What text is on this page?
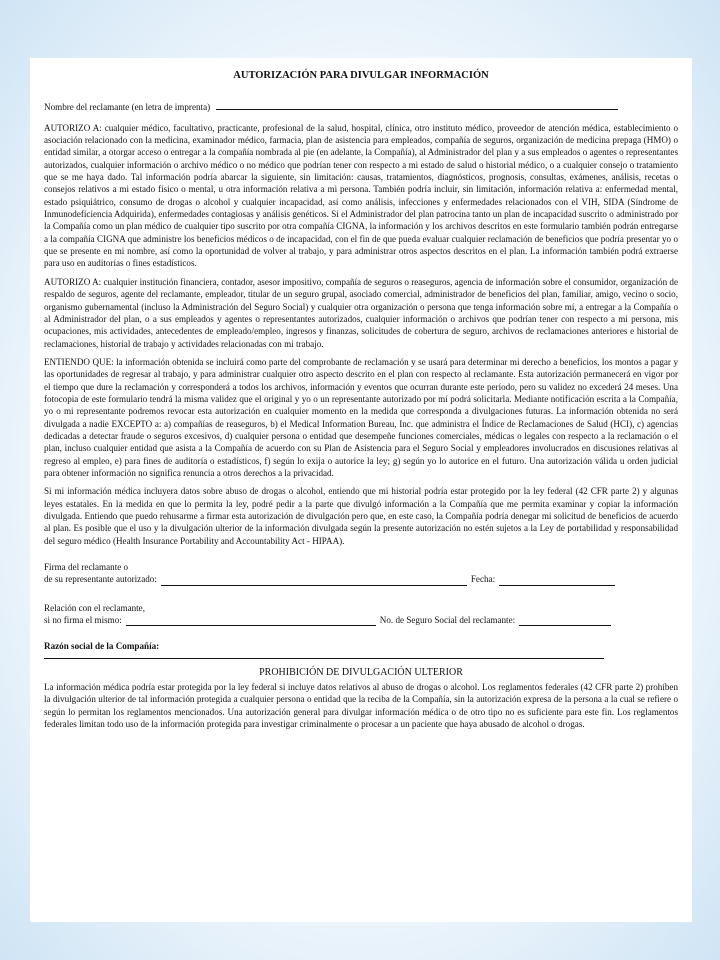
AUTORIZACIÓN PARA DIVULGAR INFORMACIÓN
Nombre del reclamante (en letra de imprenta)

AUTORIZO A: cualquier médico, facultativo, practicante, profesional de la salud, hospital, clínica, otro instituto médico, proveedor de atención médica, establecimiento o asociación relacionado con la medicina, examinador médico, farmacia, plan de asistencia para empleados, compañía de seguros, organización de medicina prepaga (HMO) o entidad similar, a otorgar acceso o entregar a la compañía nombrada al pie (en adelante, la Compañía), al Administrador del plan y a sus empleados o agentes o representantes autorizados, cualquier información o archivo médico o no médico que podrían tener con respecto a mi estado de salud o historial médico, o a cualquier consejo o tratamiento que se me haya dado. Tal información podría abarcar la siguiente, sin limitación: causas, tratamientos, diagnósticos, prognosis, consultas, exámenes, análisis, recetas o consejos relativos a mi estado físico o mental, u otra información relativa a mi persona. También podría incluir, sin limitación, información relativa a: enfermedad mental, estado psiquiátrico, consumo de drogas o alcohol y cualquier incapacidad, así como análisis, infecciones y enfermedades relacionados con el VIH, SIDA (Síndrome de Inmunodeficiencia Adquirida), enfermedades contagiosas y análisis genéticos. Si el Administrador del plan patrocina tanto un plan de incapacidad suscrito o administrado por la Compañía como un plan médico de cualquier tipo suscrito por otra compañía CIGNA, la información y los archivos descritos en este formulario también podrán entregarse a la compañía CIGNA que administre los beneficios médicos o de incapacidad, con el fin de que pueda evaluar cualquier reclamación de beneficios que podría presentar yo o que se presente en mi nombre, así como la oportunidad de volver al trabajo, y para administrar otros aspectos descritos en el plan. La información también podrá extraerse para uso en auditorías o fines estadísticos.

AUTORIZO A: cualquier institución financiera, contador, asesor impositivo, compañía de seguros o reaseguros, agencia de información sobre el consumidor, organización de respaldo de seguros, agente del reclamante, empleador, titular de un seguro grupal, asociado comercial, administrador de beneficios del plan, familiar, amigo, vecino o socio, organismo gubernamental (incluso la Administración del Seguro Social) y cualquier otra organización o persona que tenga información sobre mí, a entregar a la Compañía o al Administrador del plan, o a sus empleados y agentes o representantes autorizados, cualquier información o archivos que podrían tener con respecto a mi persona, mis ocupaciones, mis actividades, antecedentes de empleado/empleo, ingresos y finanzas, solicitudes de cobertura de seguro, archivos de reclamaciones anteriores e historial de reclamaciones, historial de trabajo y actividades relacionadas con mi trabajo.

ENTIENDO QUE: la información obtenida se incluirá como parte del comprobante de reclamación y se usará para determinar mi derecho a beneficios, los montos a pagar y las oportunidades de regresar al trabajo, y para administrar cualquier otro aspecto descrito en el plan con respecto al reclamante. Esta autorización permanecerá en vigor por el tiempo que dure la reclamación y corresponderá a todos los archivos, información y eventos que ocurran durante este período, pero su validez no excederá 24 meses. Una fotocopia de este formulario tendrá la misma validez que el original y yo o un representante autorizado por mí podrá solicitarla. Mediante notificación escrita a la Compañía, yo o mi representante podremos revocar esta autorización en cualquier momento en la medida que corresponda a divulgaciones futuras. La información obtenida no será divulgada a nadie EXCEPTO a: a) compañías de reaseguros, b) el Medical Information Bureau, Inc. que administra el Índice de Reclamaciones de Salud (HCI), c) agencias dedicadas a detectar fraude o seguros excesivos, d) cualquier persona o entidad que desempeñe funciones comerciales, médicas o legales con respecto a la reclamación o el plan, incluso cualquier entidad que asista a la Compañía de acuerdo con su Plan de Asistencia para el Seguro Social y empleadores involucrados en discusiones relativas al regreso al empleo, e) para fines de auditoría o estadísticos, f) según lo exija o autorice la ley; g) según yo lo autorice en el futuro. Una autorización válida u orden judicial para obtener información no significa renuncia a otros derechos a la privacidad.

Si mi información médica incluyera datos sobre abuso de drogas o alcohol, entiendo que mi historial podría estar protegido por la ley federal (42 CFR parte 2) y algunas leyes estatales. En la medida en que lo permita la ley, podré pedir a la parte que divulgó información a la Compañía que me permita examinar y copiar la información divulgada. Entiendo que puedo rehusarme a firmar esta autorización de divulgación pero que, en este caso, la Compañía podría denegar mi solicitud de beneficios de acuerdo al plan. Es posible que el uso y la divulgación ulterior de la información divulgada según la presente autorización no estén sujetos a la Ley de portabilidad y responsabilidad del seguro médico (Health Insurance Portability and Accountability Act - HIPAA).

Firma del reclamante o
de su representante autorizado:	Fecha:
Relación con el reclamante,
si no firma el mismo:	No. de Seguro Social del reclamante:
Razón social de la Compañía:
PROHIBICIÓN DE DIVULGACIÓN ULTERIOR

La información médica podría estar protegida por la ley federal si incluye datos relativos al abuso de drogas o alcohol. Los reglamentos federales (42 CFR parte 2) prohíben la divulgación ulterior de tal información protegida a cualquier persona o entidad que la reciba de la Compañía, sin la autorización expresa de la persona a la cual se refiere o según lo permitan los reglamentos mencionados. Una autorización general para divulgar información médica o de otro tipo no es suficiente para este fin. Los reglamentos federales limitan todo uso de la información protegida para investigar criminalmente o procesar a un paciente que haya abusado de alcohol o drogas.
